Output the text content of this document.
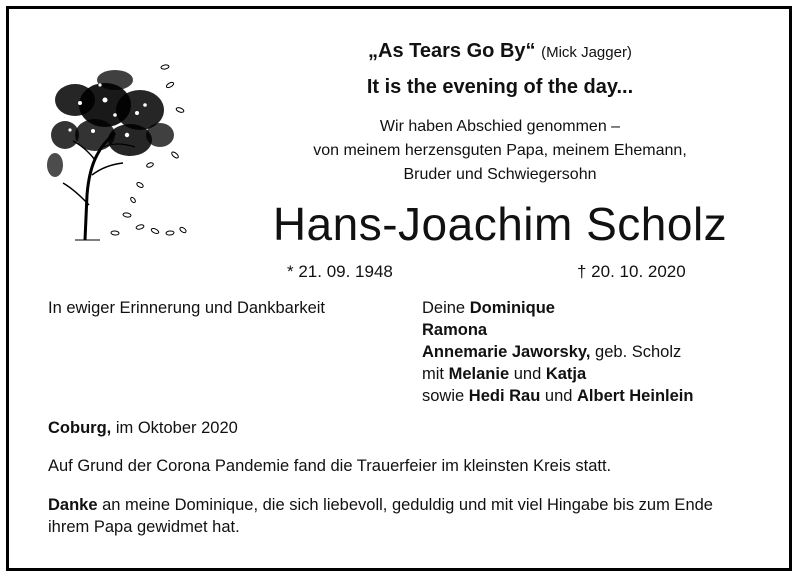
„As Tears Go By“ (Mick Jagger)
It is the evening of the day...
Wir haben Abschied genommen –
von meinem herzensguten Papa, meinem Ehemann,
Bruder und Schwiegersohn
Hans-Joachim Scholz
* 21. 09. 1948	† 20. 10. 2020
In ewiger Erinnerung und Dankbarkeit	Deine Dominique
Ramona
Annemarie Jaworsky, geb. Scholz
mit Melanie und Katja
sowie Hedi Rau und Albert Heinlein
Coburg, im Oktober 2020
Auf Grund der Corona Pandemie fand die Trauerfeier im kleinsten Kreis statt.
Danke an meine Dominique, die sich liebevoll, geduldig und mit viel Hingabe bis zum Ende
ihrem Papa gewidmet hat.
